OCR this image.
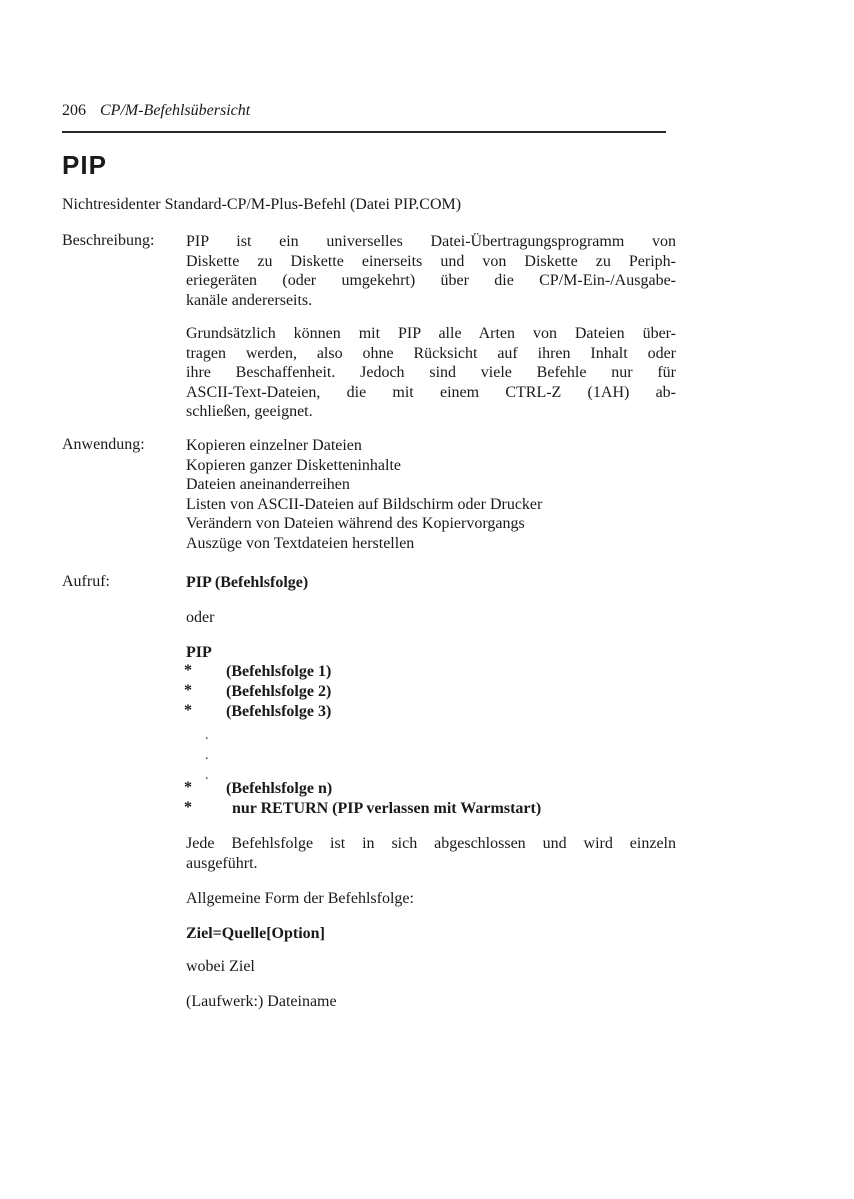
206 CP/M-Befehlsübersicht
PIP
Nichtresidenter Standard-CP/M-Plus-Befehl (Datei PIP.COM)
Beschreibung: PIP ist ein universelles Datei-Übertragungsprogramm von
Diskette zu Diskette einerseits und von Diskette zu Periph-
eriegeräten (oder umgekehrt) über die CP/M-Ein-/Ausgabe-
kanäle andererseits.
Grundsätzlich können mit PIP alle Arten von Dateien über-
tragen werden, also ohne Rücksicht auf ihren Inhalt oder
ihre Beschaffenheit. Jedoch sind viele Befehle nur für
ASCII-Text-Dateien, die mit einem CTRL-Z (1AH) ab-
schließen, geeignet.
Anwendung:	Kopieren einzelner Dateien
Kopieren ganzer Disketteninhalte
Dateien aneinanderreihen
Listen von ASCII-Dateien auf Bildschirm oder Drucker
Verändern von Dateien während des Kopiervorgangs
Auszüge von Textdateien herstellen
Aufruf:	PIP (Befehlsfolge)
oder
PIP
* (Befehlsfolge 1)
* (Befehlsfolge 2)
* (Befehlsfolge 3)
.
.
.
* (Befehlsfolge n)
*	nur RETURN (PIP verlassen mit Warmstart)
Jede Befehlsfolge ist in sich abgeschlossen und wird einzeln
ausgeführt.
Allgemeine Form der Befehlsfolge:
Ziel=Quelle[Option]
wobei Ziel
(Laufwerk:) Dateiname
